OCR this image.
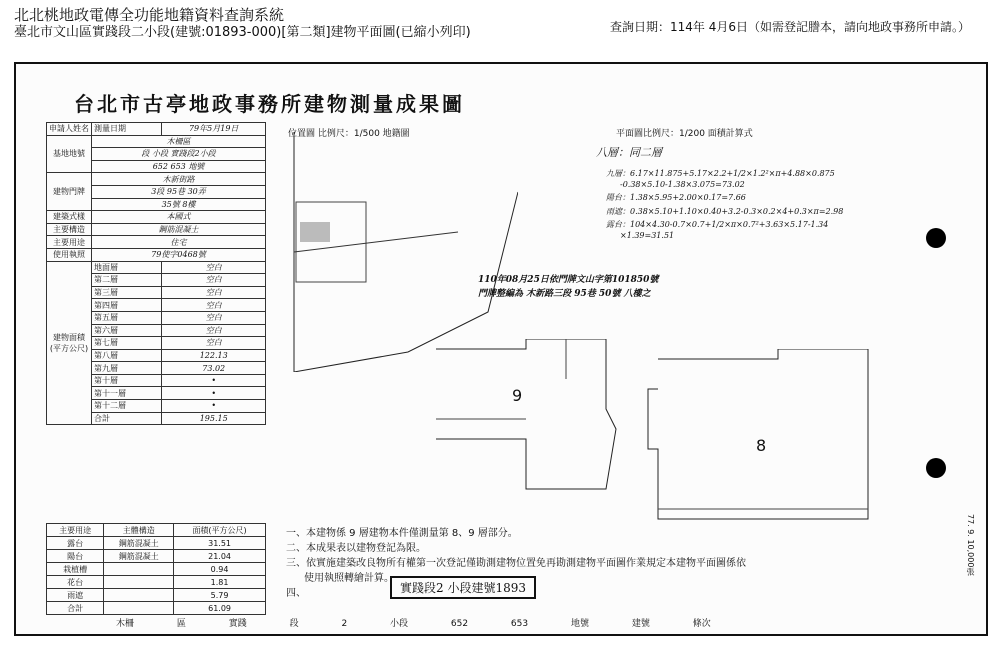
北北桃地政電傳全功能地籍資料查詢系統
臺北市文山區實踐段二小段(建號:01893-000)[第二類]建物平面圖(已縮小列印)	查詢日期：114年 4月6日（如需登記謄本，請向地政事務所申請。）
台北市古亭地政事務所建物測量成果圖
申請人姓名	測量日期	79年5月19日
基地地號	木柵區	
	段 小段 實踐段2小段	
	652 653 地號	
建物門牌	木新街路	
	3段 95巷 30弄	
	35號 8樓	
建築式樣	本國式	
主要構造	鋼筋混凝土	
主要用途	住宅	
使用執照	79使字0468號	
建物面積(平方公尺)	地面層	空白
	第二層	空白
	第三層	空白
	第四層	空白
	第五層	空白
	第六層	空白
	第七層	空白
	第八層	122.13
	第九層	73.02
	第十層	•
	第十一層	•
	第十二層	•
	合計	195.15
主要用途	主體構造	面積(平方公尺)
露台	鋼筋混凝土	31.51
陽台	鋼筋混凝土	21.04
栽植槽		0.94
花台		1.81
雨遮		5.79
合計		61.09
位置圖 比例尺：1/500 地籍圖	平面圖比例尺：1/200 面積計算式
八層：同二層
九層：6.17×11.875+5.17×2.2+1/2×1.2²×π+4.88×0.875
-0.38×5.10-1.38×3.075=73.02
陽台：1.38×5.95+2.00×0.17=7.66
雨遮：0.38×5.10+1.10×0.40+3.2-0.3×0.2×4+0.3×π=2.98
露台：104×4.30-0.7×0.7+1/2×π×0.7²+3.63×5.17-1.34
×1.39=31.51
110年08月25日依門牌文山字第101850號
門牌整編為 木新路三段 95巷 50號 八樓之
9
8
一、本建物係 9 層建物本件僅測量第 8、9 層部分。
二、本成果表以建物登記為限。
三、依實施建築改良物所有權第一次登記僅勘測建物位置免再勘測建物平面圖作業規定本建物平面圖係依
使用執照轉繪計算。
四、	實踐段2 小段建號1893
木柵 區 實踐 段 2 小段 652 653 地號 建號 條次
77. 9. 10,000張
